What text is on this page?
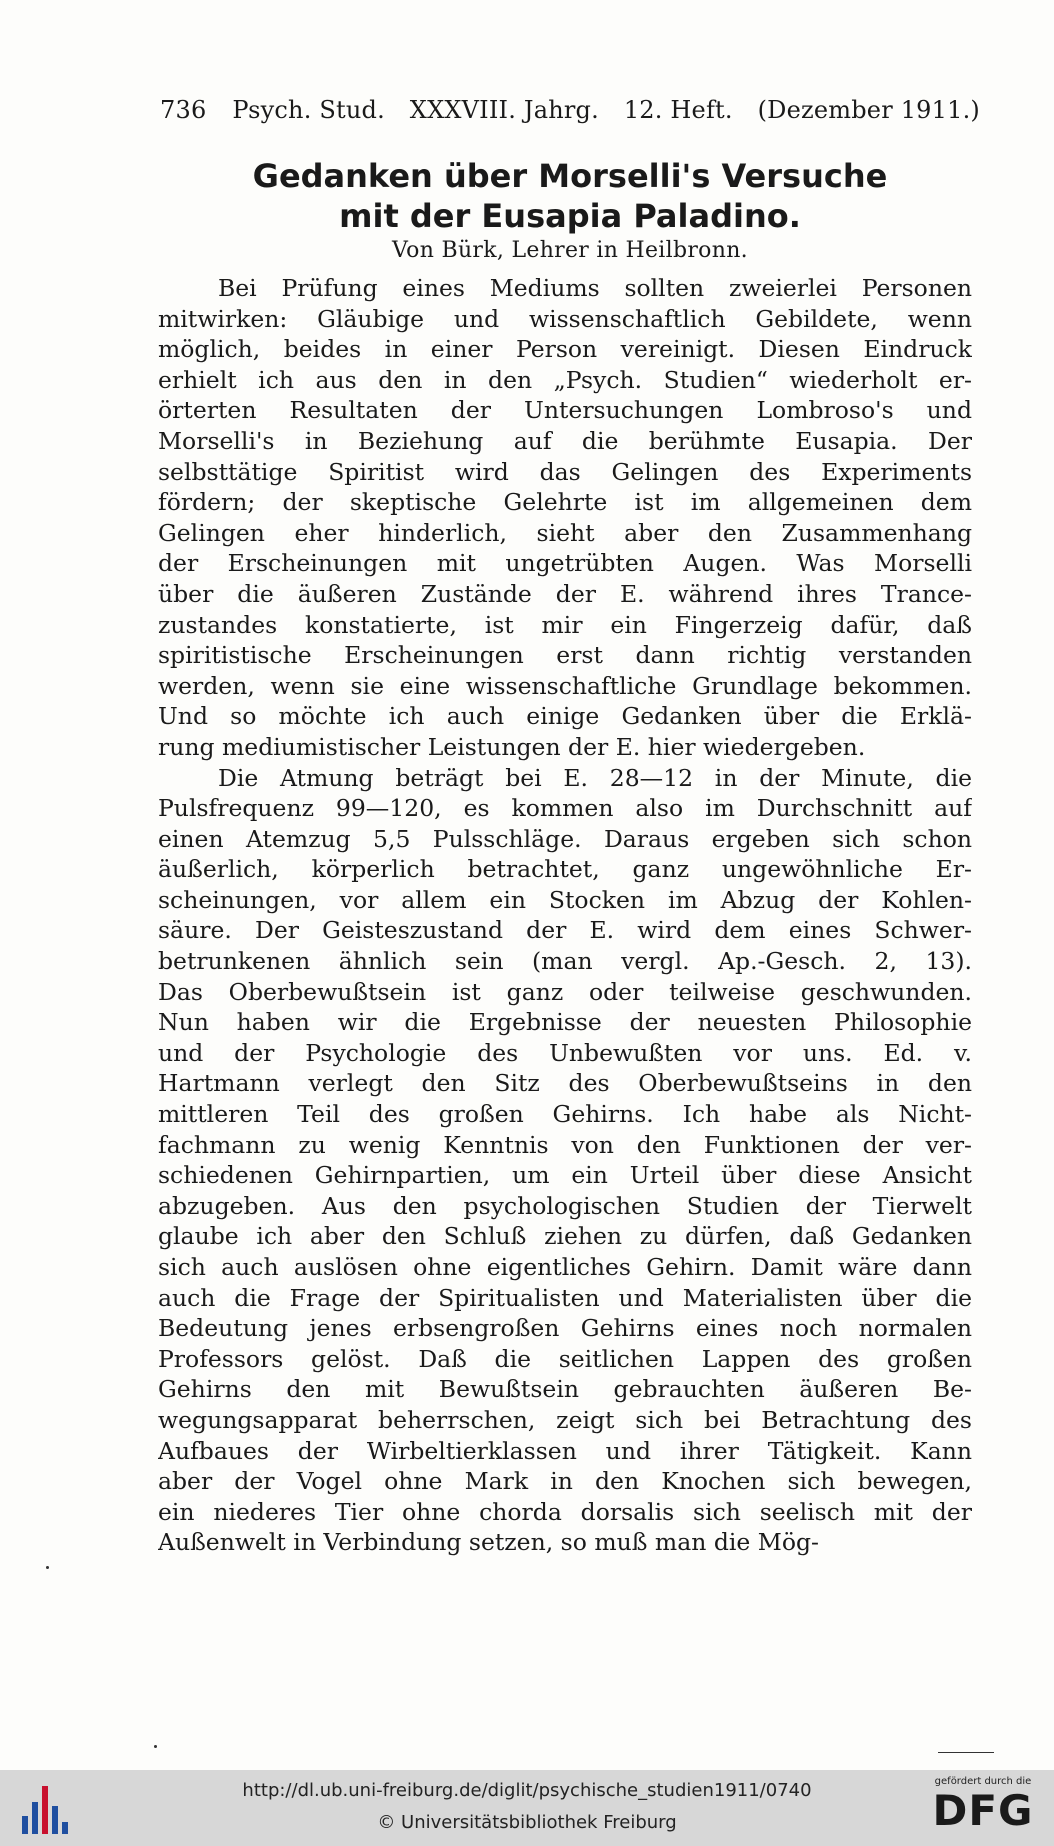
736 Psych. Stud. XXXVIII. Jahrg. 12. Heft. (Dezember 1911.)
Gedanken über Morselli's Versuche
mit der Eusapia Paladino.
Von Bürk, Lehrer in Heilbronn.
Bei Prüfung eines Mediums sollten zweierlei Personen
mitwirken: Gläubige und wissenschaftlich Gebildete, wenn
möglich, beides in einer Person vereinigt. Diesen Eindruck
erhielt ich aus den in den „Psych. Studien“ wiederholt er-
örterten Resultaten der Untersuchungen Lombroso's und
Morselli's in Beziehung auf die berühmte Eusapia. Der
selbsttätige Spiritist wird das Gelingen des Experiments
fördern; der skeptische Gelehrte ist im allgemeinen dem
Gelingen eher hinderlich, sieht aber den Zusammenhang
der Erscheinungen mit ungetrübten Augen. Was Morselli
über die äußeren Zustände der E. während ihres Trance-
zustandes konstatierte, ist mir ein Fingerzeig dafür, daß
spiritistische Erscheinungen erst dann richtig verstanden
werden, wenn sie eine wissenschaftliche Grundlage bekommen.
Und so möchte ich auch einige Gedanken über die Erklä-
rung mediumistischer Leistungen der E. hier wiedergeben.
Die Atmung beträgt bei E. 28—12 in der Minute, die
Pulsfrequenz 99—120, es kommen also im Durchschnitt auf
einen Atemzug 5,5 Pulsschläge. Daraus ergeben sich schon
äußerlich, körperlich betrachtet, ganz ungewöhnliche Er-
scheinungen, vor allem ein Stocken im Abzug der Kohlen-
säure. Der Geisteszustand der E. wird dem eines Schwer-
betrunkenen ähnlich sein (man vergl. Ap.-Gesch. 2, 13).
Das Oberbewußtsein ist ganz oder teilweise geschwunden.
Nun haben wir die Ergebnisse der neuesten Philosophie
und der Psychologie des Unbewußten vor uns. Ed. v.
Hartmann verlegt den Sitz des Oberbewußtseins in den
mittleren Teil des großen Gehirns. Ich habe als Nicht-
fachmann zu wenig Kenntnis von den Funktionen der ver-
schiedenen Gehirnpartien, um ein Urteil über diese Ansicht
abzugeben. Aus den psychologischen Studien der Tierwelt
glaube ich aber den Schluß ziehen zu dürfen, daß Gedanken
sich auch auslösen ohne eigentliches Gehirn. Damit wäre dann
auch die Frage der Spiritualisten und Materialisten über die
Bedeutung jenes erbsengroßen Gehirns eines noch normalen
Professors gelöst. Daß die seitlichen Lappen des großen
Gehirns den mit Bewußtsein gebrauchten äußeren Be-
wegungsapparat beherrschen, zeigt sich bei Betrachtung des
Aufbaues der Wirbeltierklassen und ihrer Tätigkeit. Kann
aber der Vogel ohne Mark in den Knochen sich bewegen,
ein niederes Tier ohne chorda dorsalis sich seelisch mit der
Außenwelt in Verbindung setzen, so muß man die Mög-
http://dl.ub.uni-freiburg.de/diglit/psychische_studien1911/0740
© Universitätsbibliothek Freiburg
gefördert durch die
DFG
